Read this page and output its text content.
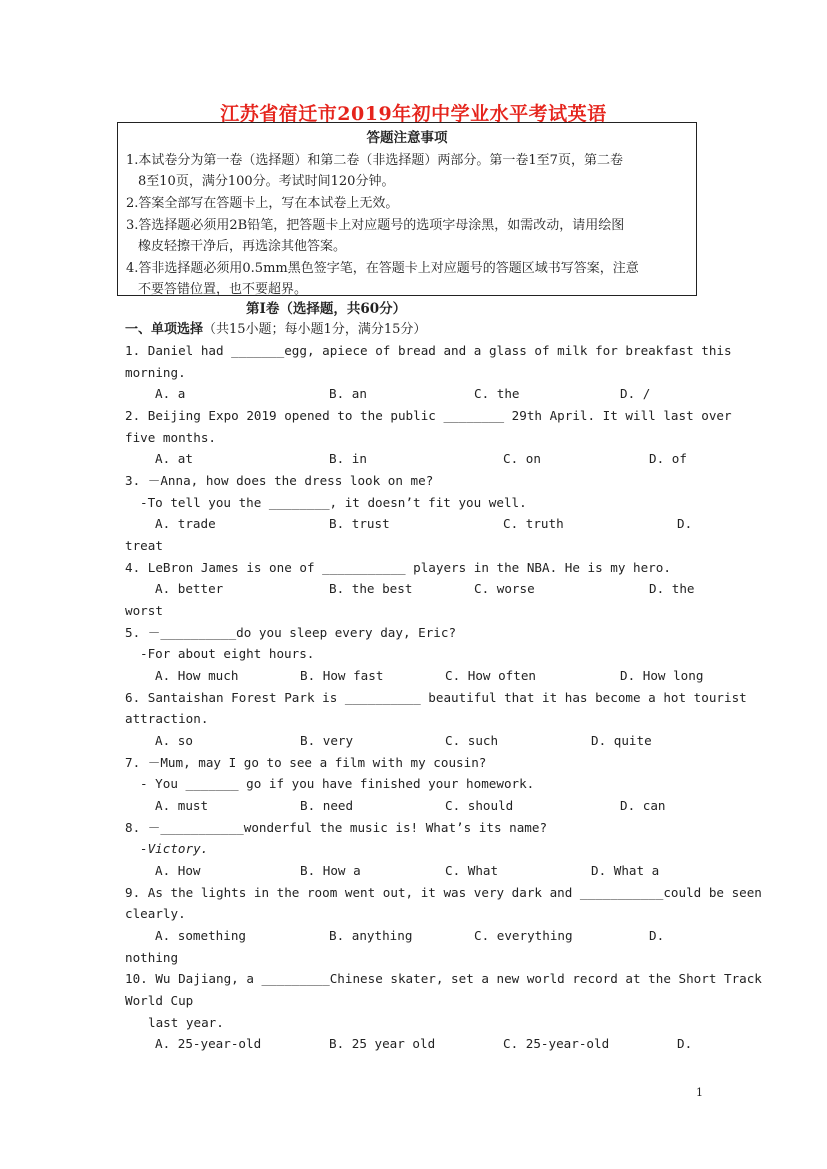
江苏省宿迁市2019年初中学业水平考试英语
答题注意事项
1.本试卷分为第一卷（选择题）和第二卷（非选择题）两部分。第一卷1至7页，第二卷
8至10页，满分100分。考试时间120分钟。
2.答案全部写在答题卡上，写在本试卷上无效。
3.答选择题必须用2B铅笔，把答题卡上对应题号的选项字母涂黑，如需改动，请用绘图
橡皮轻擦干净后，再选涂其他答案。
4.答非选择题必须用0.5mm黑色签字笔，在答题卡上对应题号的答题区域书写答案，注意
不要答错位置，也不要超界。
第Ⅰ卷（选择题，共60分）
一、单项选择（共15小题；每小题1分，满分15分）
1. Daniel had _______egg, apiece of bread and a glass of milk for breakfast this
morning.
A. a	B. an	C. the	D. /
2. Beijing Expo 2019 opened to the public ________ 29th April. It will last over
five months.
A. at	B. in	C. on	D. of
3. －Anna, how does the dress look on me?
-To tell you the ________, it doesn’t fit you well.
A. trade	B. trust	C. truth	D.
treat
4. LeBron James is one of ___________ players in the NBA. He is my hero.
A. better	B. the best	C. worse	D. the
worst
5. －__________do you sleep every day, Eric?
-For about eight hours.
A. How much	B. How fast	C. How often	D. How long
6. Santaishan Forest Park is __________ beautiful that it has become a hot tourist
attraction.
A. so	B. very	C. such	D. quite
7. －Mum, may I go to see a film with my cousin?
- You _______ go if you have finished your homework.
A. must	B. need	C. should	D. can
8. －___________wonderful the music is! What’s its name?
-Victory.
A. How	B. How a	C. What	D. What a
9. As the lights in the room went out, it was very dark and ___________could be seen
clearly.
A. something	B. anything	C. everything	D.
nothing
10. Wu Dajiang, a _________Chinese skater, set a new world record at the Short Track
World Cup
last year.
A. 25-year-old	B. 25 year old	C. 25-year-old	D.
1
